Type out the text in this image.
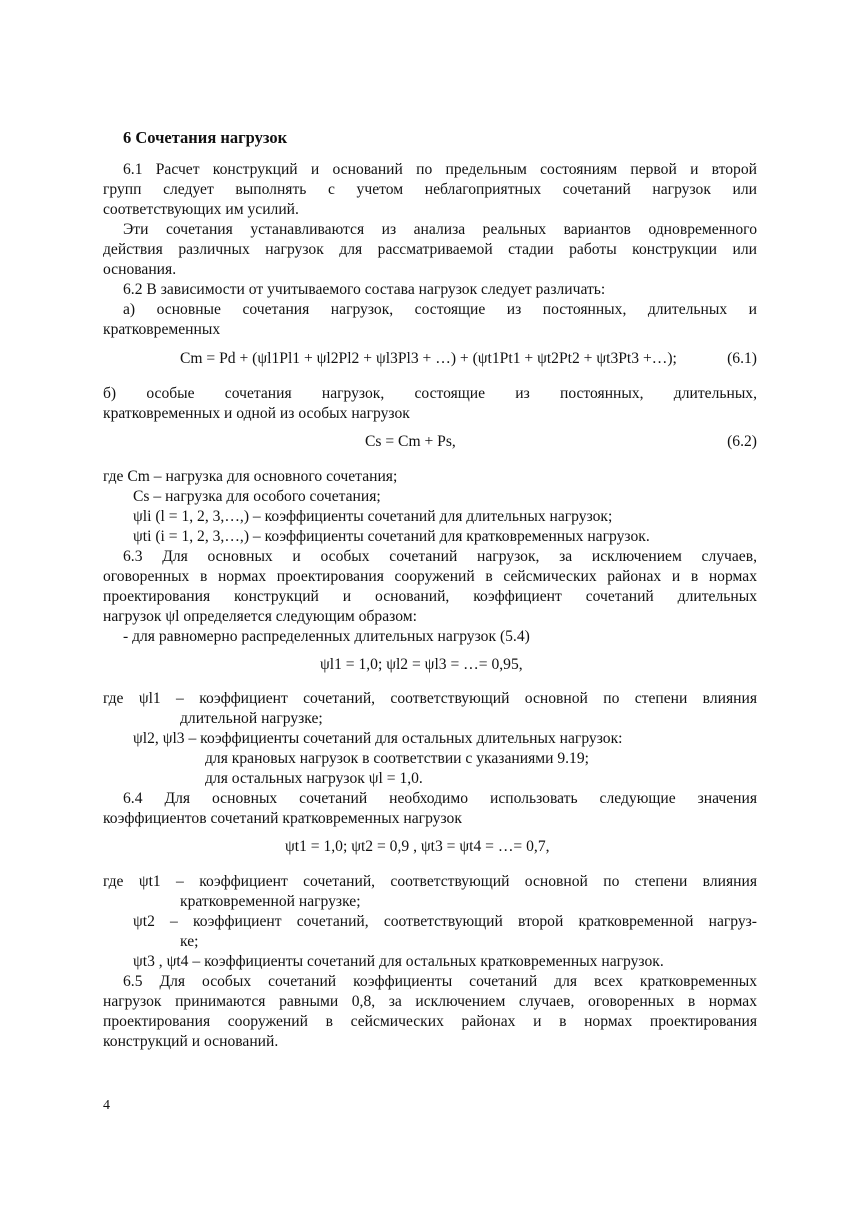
6 Сочетания нагрузок
6.1 Расчет конструкций и оснований по предельным состояниям первой и второй
групп следует выполнять с учетом неблагоприятных сочетаний нагрузок или
соответствующих им усилий.
Эти сочетания устанавливаются из анализа реальных вариантов одновременного
действия различных нагрузок для рассматриваемой стадии работы конструкции или
основания.
6.2 В зависимости от учитываемого состава нагрузок следует различать:
а) основные сочетания нагрузок, состоящие из постоянных, длительных и
кратковременных
Cm = Pd + (ψl1Pl1 + ψl2Pl2 + ψl3Pl3 + …) + (ψt1Pt1 + ψt2Pt2 + ψt3Pt3 +…);	(6.1)
б) особые сочетания нагрузок, состоящие из постоянных, длительных,
кратковременных и одной из особых нагрузок
Cs = Cm + Ps,	(6.2)
где Cm – нагрузка для основного сочетания;
Cs – нагрузка для особого сочетания;
ψli (l = 1, 2, 3,…,) – коэффициенты сочетаний для длительных нагрузок;
ψti (i = 1, 2, 3,…,) – коэффициенты сочетаний для кратковременных нагрузок.
6.3 Для основных и особых сочетаний нагрузок, за исключением случаев,
оговоренных в нормах проектирования сооружений в сейсмических районах и в нормах
проектирования конструкций и оснований, коэффициент сочетаний длительных
нагрузок ψl определяется следующим образом:
- для равномерно распределенных длительных нагрузок (5.4)
ψl1 = 1,0; ψl2 = ψl3 = …= 0,95,
где ψl1 – коэффициент сочетаний, соответствующий основной по степени влияния
длительной нагрузке;
ψl2, ψl3 – коэффициенты сочетаний для остальных длительных нагрузок:
для крановых нагрузок в соответствии с указаниями 9.19;
для остальных нагрузок ψl = 1,0.
6.4 Для основных сочетаний необходимо использовать следующие значения
коэффициентов сочетаний кратковременных нагрузок
ψt1 = 1,0; ψt2 = 0,9 , ψt3 = ψt4 = …= 0,7,
где ψt1 – коэффициент сочетаний, соответствующий основной по степени влияния
кратковременной нагрузке;
ψt2 – коэффициент сочетаний, соответствующий второй кратковременной нагруз-
ке;
ψt3 , ψt4 – коэффициенты сочетаний для остальных кратковременных нагрузок.
6.5 Для особых сочетаний коэффициенты сочетаний для всех кратковременных
нагрузок принимаются равными 0,8, за исключением случаев, оговоренных в нормах
проектирования сооружений в сейсмических районах и в нормах проектирования
конструкций и оснований.
4
